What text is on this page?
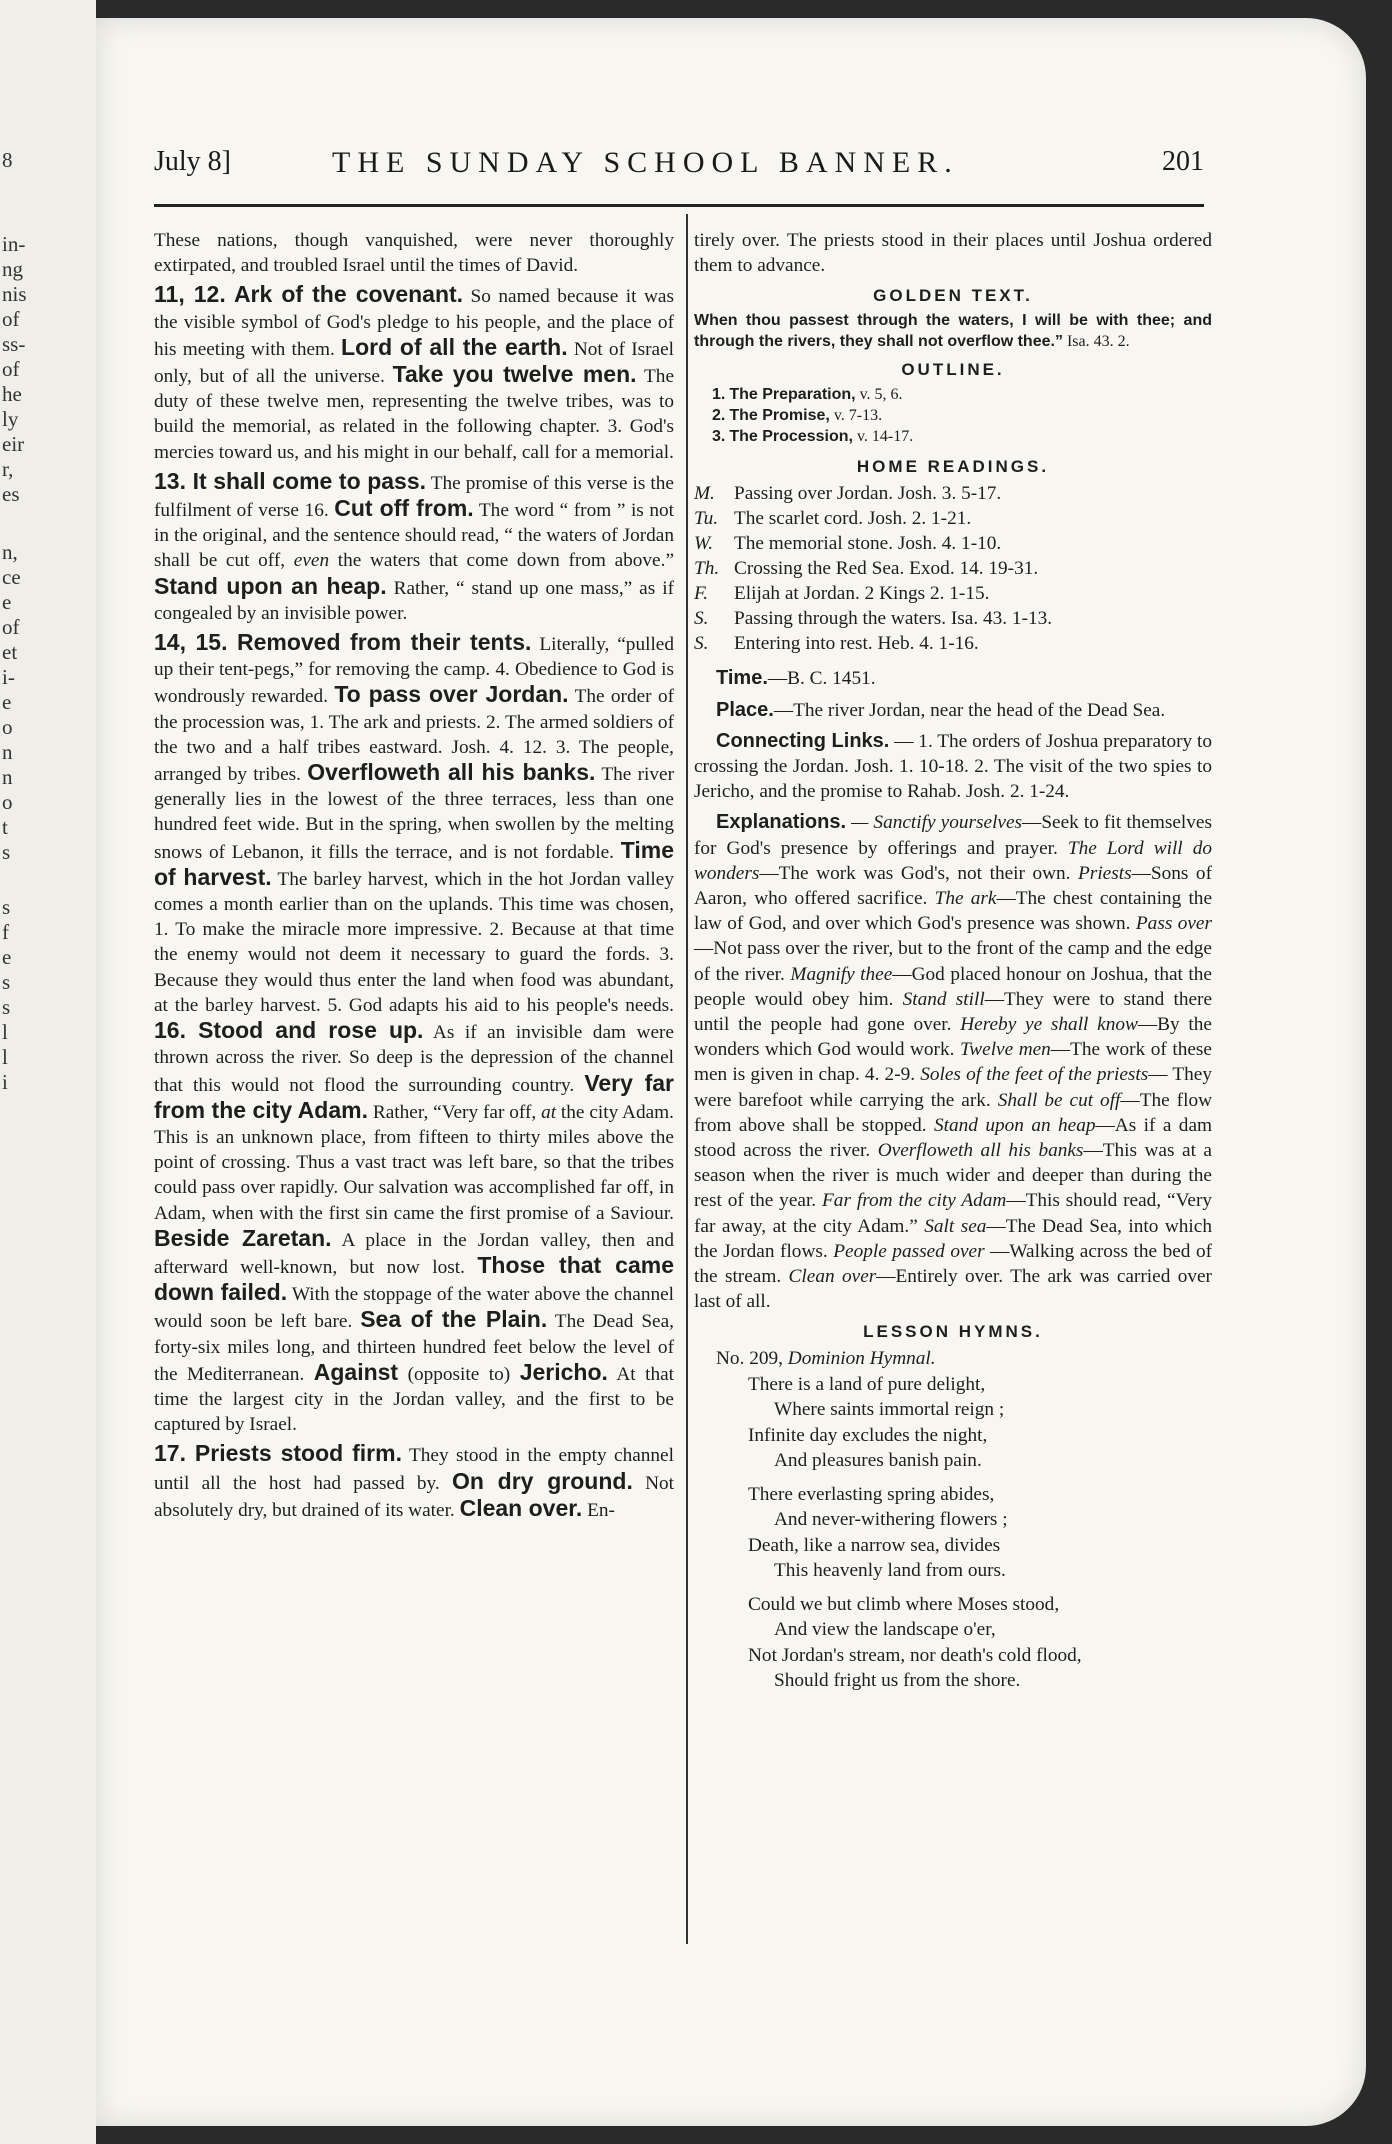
8
in-
ng
nis
of
ss-
of
he
ly
eir
r,
es
n,
ce
e
of
et
i-
e
o
n
n
o
t
s
s
f
e
s
s
l
l
i
July 8]	THE SUNDAY SCHOOL BANNER.	201

These nations, though vanquished, were never thoroughly extirpated, and troubled Israel until the times of David.

11, 12. Ark of the covenant. So named because it was the visible symbol of God's pledge to his people, and the place of his meeting with them. Lord of all the earth. Not of Israel only, but of all the universe. Take you twelve men. The duty of these twelve men, representing the twelve tribes, was to build the memorial, as related in the following chapter. 3. God's mercies toward us, and his might in our behalf, call for a memorial.

13. It shall come to pass. The promise of this verse is the fulfilment of verse 16. Cut off from. The word “ from ” is not in the original, and the sentence should read, “ the waters of Jordan shall be cut off, even the waters that come down from above.” Stand upon an heap. Rather, “ stand up one mass,” as if congealed by an invisible power.

14, 15. Removed from their tents. Literally, “pulled up their tent-pegs,” for removing the camp. 4. Obedience to God is wondrously rewarded. To pass over Jordan. The order of the procession was, 1. The ark and priests. 2. The armed soldiers of the two and a half tribes eastward. Josh. 4. 12. 3. The people, arranged by tribes. Overfloweth all his banks. The river generally lies in the lowest of the three terraces, less than one hundred feet wide. But in the spring, when swollen by the melting snows of Lebanon, it fills the terrace, and is not fordable. Time of harvest. The barley harvest, which in the hot Jordan valley comes a month earlier than on the uplands. This time was chosen, 1. To make the miracle more impressive. 2. Because at that time the enemy would not deem it necessary to guard the fords. 3. Because they would thus enter the land when food was abundant, at the barley harvest. 5. God adapts his aid to his people's needs. 16. Stood and rose up. As if an invisible dam were thrown across the river. So deep is the depression of the channel that this would not flood the surrounding country. Very far from the city Adam. Rather, “Very far off, at the city Adam. This is an unknown place, from fifteen to thirty miles above the point of crossing. Thus a vast tract was left bare, so that the tribes could pass over rapidly. Our salvation was accomplished far off, in Adam, when with the first sin came the first promise of a Saviour. Beside Zaretan. A place in the Jordan valley, then and afterward well-known, but now lost. Those that came down failed. With the stoppage of the water above the channel would soon be left bare. Sea of the Plain. The Dead Sea, forty-six miles long, and thirteen hundred feet below the level of the Mediterranean. Against (opposite to) Jericho. At that time the largest city in the Jordan valley, and the first to be captured by Israel.

17. Priests stood firm. They stood in the empty channel until all the host had passed by. On dry ground. Not absolutely dry, but drained of its water. Clean over. En-

tirely over. The priests stood in their places until Joshua ordered them to advance.

GOLDEN TEXT.
When thou passest through the waters, I will be with thee; and through the rivers, they shall not overflow thee.” Isa. 43. 2.
OUTLINE.
1. The Preparation, v. 5, 6.
2. The Promise, v. 7-13.
3. The Procession, v. 14-17.
HOME READINGS.
M. Passing over Jordan. Josh. 3. 5-17.
Tu. The scarlet cord. Josh. 2. 1-21.
W. The memorial stone. Josh. 4. 1-10.
Th. Crossing the Red Sea. Exod. 14. 19-31.
F. Elijah at Jordan. 2 Kings 2. 1-15.
S. Passing through the waters. Isa. 43. 1-13.
S. Entering into rest. Heb. 4. 1-16.

Time.—B. C. 1451.

Place.—The river Jordan, near the head of the Dead Sea.

Connecting Links. — 1. The orders of Joshua preparatory to crossing the Jordan. Josh. 1. 10-18. 2. The visit of the two spies to Jericho, and the promise to Rahab. Josh. 2. 1-24.

Explanations. — Sanctify yourselves—Seek to fit themselves for God's presence by offerings and prayer. The Lord will do wonders—The work was God's, not their own. Priests—Sons of Aaron, who offered sacrifice. The ark—The chest containing the law of God, and over which God's presence was shown. Pass over—Not pass over the river, but to the front of the camp and the edge of the river. Magnify thee—God placed honour on Joshua, that the people would obey him. Stand still—They were to stand there until the people had gone over. Hereby ye shall know—By the wonders which God would work. Twelve men—The work of these men is given in chap. 4. 2-9. Soles of the feet of the priests— They were barefoot while carrying the ark. Shall be cut off—The flow from above shall be stopped. Stand upon an heap—As if a dam stood across the river. Overfloweth all his banks—This was at a season when the river is much wider and deeper than during the rest of the year. Far from the city Adam—This should read, “Very far away, at the city Adam.” Salt sea—The Dead Sea, into which the Jordan flows. People passed over —Walking across the bed of the stream. Clean over—Entirely over. The ark was carried over last of all.

LESSON HYMNS.

No. 209, Dominion Hymnal.

There is a land of pure delight,
Where saints immortal reign ;
Infinite day excludes the night,
And pleasures banish pain.
There everlasting spring abides,
And never-withering flowers ;
Death, like a narrow sea, divides
This heavenly land from ours.
Could we but climb where Moses stood,
And view the landscape o'er,
Not Jordan's stream, nor death's cold flood,
Should fright us from the shore.
